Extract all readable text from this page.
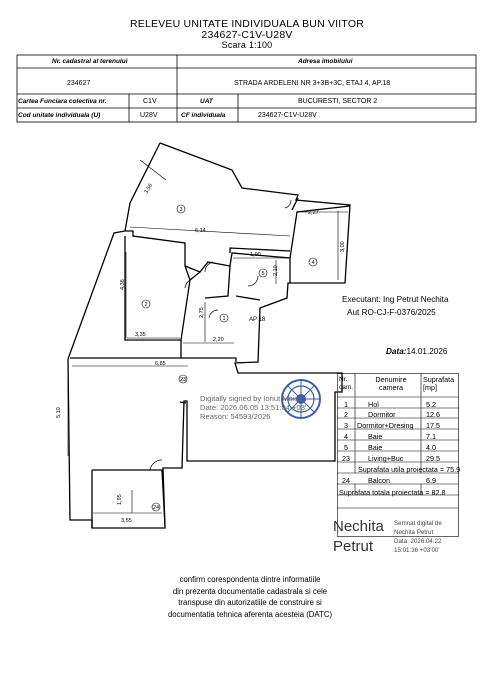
RELEVEU UNITATE INDIVIDUALA BUN VIITOR
234627-C1V-U28V
Scara 1:100
Nr. cadastral al terenului	Adresa imobilului
234627	STRADA ARDELENI NR 3+3B+3C, ETAJ 4, AP.18
Cartea Funciara colectiva nr.	C1V	UAT	BUCURESTI, SECTOR 2
Cod unitate individuala (U)	U28V	CF individuala	234627-C1V-U28V
3,56
2,27
6,14
1,90
3,00
2,10
4,36
2,75
3,35
2,20
6,85
5,10
1,95
3,55
3
4
5
2
1
23
24
AP 18
Executant: Ing Petrut Nechita
Aut RO-CJ-F-0376/2025
Data:14.01.2026
Digitally signed by Ionut Moise
Date: 2026.06.05 13:51:04 +03'
Reason: 54593/2026
Nr. cam.
Denumire camera
Suprafata [mp]
1	Hol	5.2
2	Dormitor	12.6
3 Dormitor+Dresing 17.5
4	Baie	7.1
5	Baie	4.0
23	Living+Buc	29.5
Suprafata utila proiectata = 75.9
24	Balcon	6.9
Suprafata totala proiectata = 82.8
Nechita
Petrut
Semnat digital de
Nechita Petrut
Data: 2026.04.22
15:01:36 +03'00'
confirm corespondenta dintre informatiile
din prezenta documentatie cadastrala si cele
transpuse din autorizatiile de construire si
documentatia tehnica aferenta acesteia (DATC)
